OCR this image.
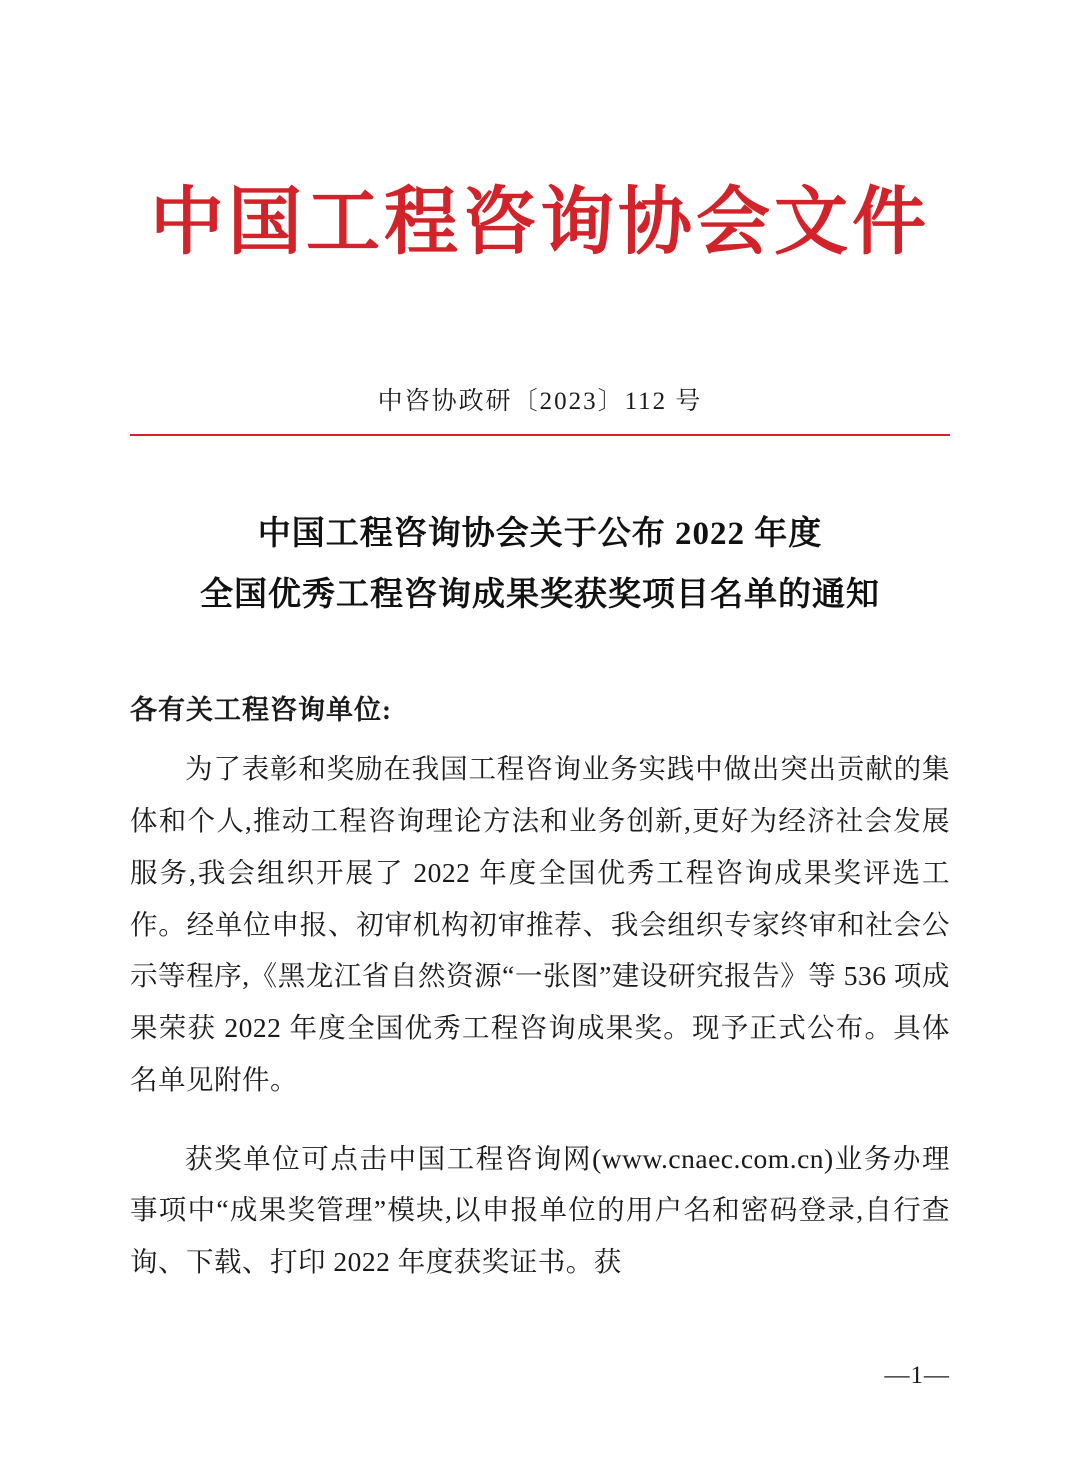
中国工程咨询协会文件
中咨协政研〔2023〕112 号
中国工程咨询协会关于公布 2022 年度
全国优秀工程咨询成果奖获奖项目名单的通知
各有关工程咨询单位:

为了表彰和奖励在我国工程咨询业务实践中做出突出贡献的集体和个人,推动工程咨询理论方法和业务创新,更好为经济社会发展服务,我会组织开展了 2022 年度全国优秀工程咨询成果奖评选工作。经单位申报、初审机构初审推荐、我会组织专家终审和社会公示等程序,《黑龙江省自然资源“一张图”建设研究报告》等 536 项成果荣获 2022 年度全国优秀工程咨询成果奖。现予正式公布。具体名单见附件。

获奖单位可点击中国工程咨询网(www.cnaec.com.cn)业务办理事项中“成果奖管理”模块,以申报单位的用户名和密码登录,自行查询、下载、打印 2022 年度获奖证书。获

—1—
